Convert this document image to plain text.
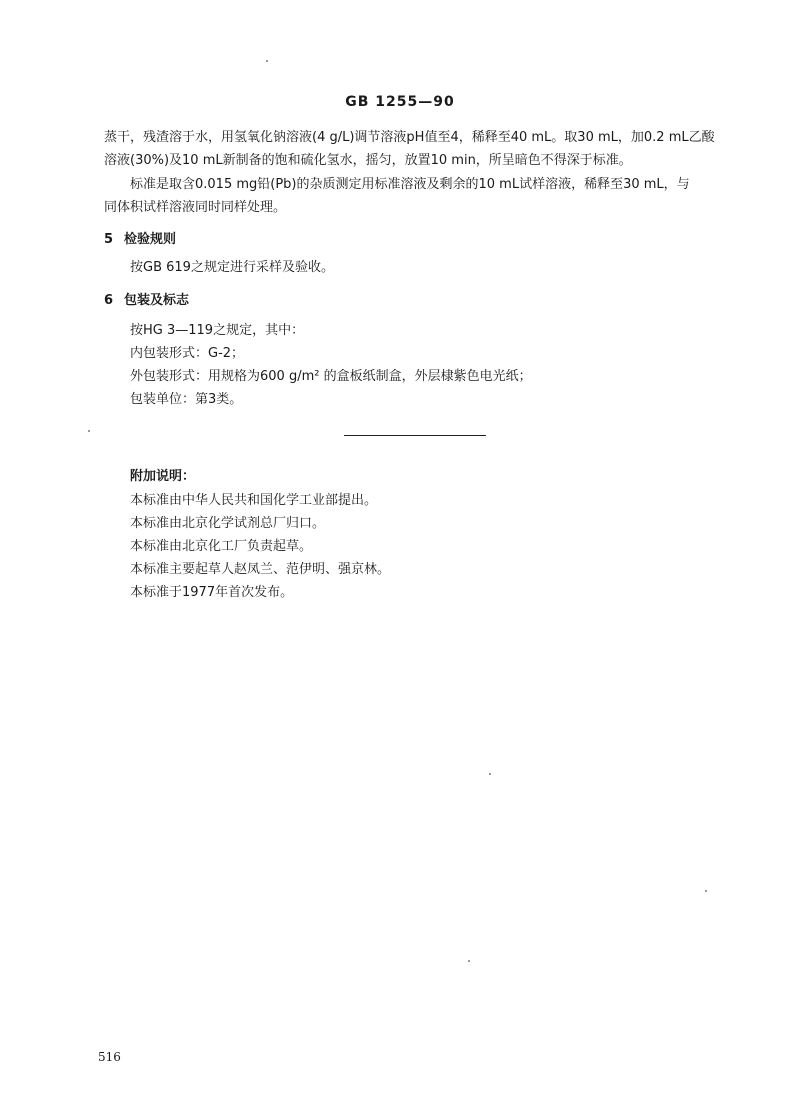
GB 1255—90
蒸干，残渣溶于水，用氢氧化钠溶液(4 g/L)调节溶液pH值至4，稀释至40 mL。取30 mL，加0.2 mL乙酸
溶液(30%)及10 mL新制备的饱和硫化氢水，摇匀，放置10 min，所呈暗色不得深于标准。
标准是取含0.015 mg铅(Pb)的杂质测定用标准溶液及剩余的10 mL试样溶液，稀释至30 mL，与
同体积试样溶液同时同样处理。
5 检验规则
按GB 619之规定进行采样及验收。
6 包装及标志
按HG 3—119之规定，其中：
内包装形式：G-2；
外包装形式：用规格为600 g/m² 的盒板纸制盒，外层棣紫色电光纸；
包装单位：第3类。
附加说明：
本标准由中华人民共和国化学工业部提出。
本标准由北京化学试剂总厂归口。
本标准由北京化工厂负责起草。
本标准主要起草人赵凤兰、范伊明、强京林。
本标准于1977年首次发布。
516
